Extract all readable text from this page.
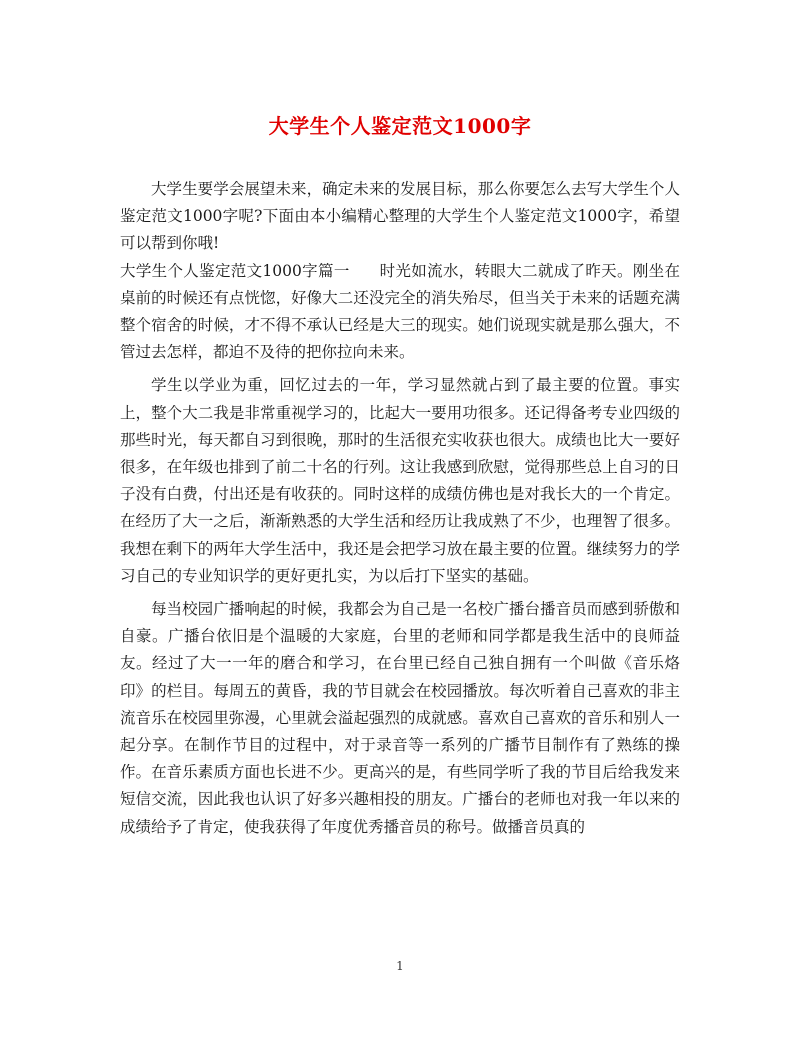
大学生个人鉴定范文1000字

大学生要学会展望未来，确定未来的发展目标，那么你要怎么去写大学生个人鉴定范文1000字呢?下面由本小编精心整理的大学生个人鉴定范文1000字，希望可以帮到你哦!

大学生个人鉴定范文1000字篇一 时光如流水，转眼大二就成了昨天。刚坐在桌前的时候还有点恍惚，好像大二还没完全的消失殆尽，但当关于未来的话题充满整个宿舍的时候，才不得不承认已经是大三的现实。她们说现实就是那么强大，不管过去怎样，都迫不及待的把你拉向未来。

学生以学业为重，回忆过去的一年，学习显然就占到了最主要的位置。事实上，整个大二我是非常重视学习的，比起大一要用功很多。还记得备考专业四级的那些时光，每天都自习到很晚，那时的生活很充实收获也很大。成绩也比大一要好很多，在年级也排到了前二十名的行列。这让我感到欣慰，觉得那些总上自习的日子没有白费，付出还是有收获的。同时这样的成绩仿佛也是对我长大的一个肯定。在经历了大一之后，渐渐熟悉的大学生活和经历让我成熟了不少，也理智了很多。我想在剩下的两年大学生活中，我还是会把学习放在最主要的位置。继续努力的学习自己的专业知识学的更好更扎实，为以后打下坚实的基础。

每当校园广播响起的时候，我都会为自己是一名校广播台播音员而感到骄傲和自豪。广播台依旧是个温暖的大家庭，台里的老师和同学都是我生活中的良师益友。经过了大一一年的磨合和学习，在台里已经自己独自拥有一个叫做《音乐烙印》的栏目。每周五的黄昏，我的节目就会在校园播放。每次听着自己喜欢的非主流音乐在校园里弥漫，心里就会溢起强烈的成就感。喜欢自己喜欢的音乐和别人一起分享。在制作节目的过程中，对于录音等一系列的广播节目制作有了熟练的操作。在音乐素质方面也长进不少。更高兴的是，有些同学听了我的节目后给我发来短信交流，因此我也认识了好多兴趣相投的朋友。广播台的老师也对我一年以来的成绩给予了肯定，使我获得了年度优秀播音员的称号。做播音员真的

1
